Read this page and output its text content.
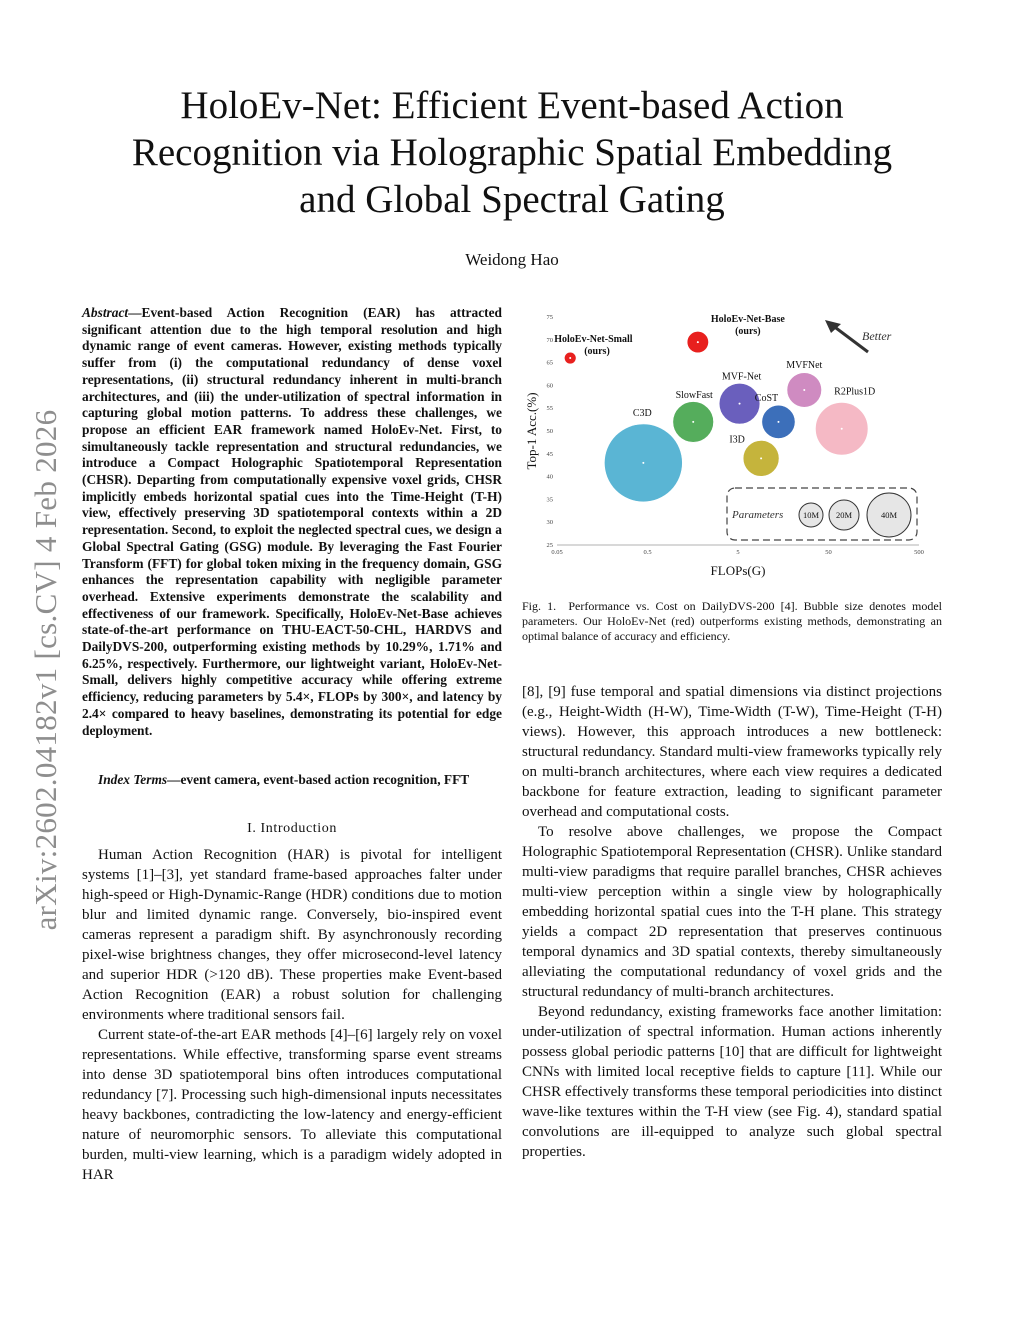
arXiv:2602.04182v1 [cs.CV] 4 Feb 2026
HoloEv-Net: Efficient Event-based Action Recognition via Holographic Spatial Embedding and Global Spectral Gating
Weidong Hao

Abstract—Event-based Action Recognition (EAR) has attracted significant attention due to the high temporal resolution and high dynamic range of event cameras. However, existing methods typically suffer from (i) the computational redundancy of dense voxel representations, (ii) structural redundancy inherent in multi-branch architectures, and (iii) the under-utilization of spectral information in capturing global motion patterns. To address these challenges, we propose an efficient EAR framework named HoloEv-Net. First, to simultaneously tackle representation and structural redundancies, we introduce a Compact Holographic Spatiotemporal Representation (CHSR). Departing from computationally expensive voxel grids, CHSR implicitly embeds horizontal spatial cues into the Time-Height (T-H) view, effectively preserving 3D spatiotemporal contexts within a 2D representation. Second, to exploit the neglected spectral cues, we design a Global Spectral Gating (GSG) module. By leveraging the Fast Fourier Transform (FFT) for global token mixing in the frequency domain, GSG enhances the representation capability with negligible parameter overhead. Extensive experiments demonstrate the scalability and effectiveness of our framework. Specifically, HoloEv-Net-Base achieves state-of-the-art performance on THU-EACT-50-CHL, HARDVS and DailyDVS-200, outperforming existing methods by 10.29%, 1.71% and 6.25%, respectively. Furthermore, our lightweight variant, HoloEv-Net-Small, delivers highly competitive accuracy while offering extreme efficiency, reducing parameters by 5.4×, FLOPs by 300×, and latency by 2.4× compared to heavy baselines, demonstrating its potential for edge deployment.

Index Terms—event camera, event-based action recognition, FFT

I. Introduction

Human Action Recognition (HAR) is pivotal for intelligent systems [1]–[3], yet standard frame-based approaches falter under high-speed or High-Dynamic-Range (HDR) conditions due to motion blur and limited dynamic range. Conversely, bio-inspired event cameras represent a paradigm shift. By asynchronously recording pixel-wise brightness changes, they offer microsecond-level latency and superior HDR (>120 dB). These properties make Event-based Action Recognition (EAR) a robust solution for challenging environments where traditional sensors fail.

Current state-of-the-art EAR methods [4]–[6] largely rely on voxel representations. While effective, transforming sparse event streams into dense 3D spatiotemporal bins often introduces computational redundancy [7]. Processing such high-dimensional inputs necessitates heavy backbones, contradicting the low-latency and energy-efficient nature of neuromorphic sensors. To alleviate this computational burden, multi-view learning, which is a paradigm widely adopted in HAR

0.05	0.5	5	50	500
25
30
35
40
45
50
55
60
65
70
75
FLOPs(G)
Top-1 Acc.(%)
Better
HoloEv-Net-Small
(ours)
HoloEv-Net-Base
(ours)
C3D
SlowFast
MVF-Net
CoST
MVFNet
R2Plus1D
I3D
Parameters 10M 20M	40M

Fig. 1. Performance vs. Cost on DailyDVS-200 [4]. Bubble size denotes model parameters. Our HoloEv-Net (red) outperforms existing methods, demonstrating an optimal balance of accuracy and efficiency.

[8], [9] fuse temporal and spatial dimensions via distinct projections (e.g., Height-Width (H-W), Time-Width (T-W), Time-Height (T-H) views). However, this approach introduces a new bottleneck: structural redundancy. Standard multi-view frameworks typically rely on multi-branch architectures, where each view requires a dedicated backbone for feature extraction, leading to significant parameter overhead and computational costs.

To resolve above challenges, we propose the Compact Holographic Spatiotemporal Representation (CHSR). Unlike standard multi-view paradigms that require parallel branches, CHSR achieves multi-view perception within a single view by holographically embedding horizontal spatial cues into the T-H plane. This strategy yields a compact 2D representation that preserves continuous temporal dynamics and 3D spatial contexts, thereby simultaneously alleviating the computational redundancy of voxel grids and the structural redundancy of multi-branch architectures.

Beyond redundancy, existing frameworks face another limitation: under-utilization of spectral information. Human actions inherently possess global periodic patterns [10] that are difficult for lightweight CNNs with limited local receptive fields to capture [11]. While our CHSR effectively transforms these temporal periodicities into distinct wave-like textures within the T-H view (see Fig. 4), standard spatial convolutions are ill-equipped to analyze such global spectral properties.
